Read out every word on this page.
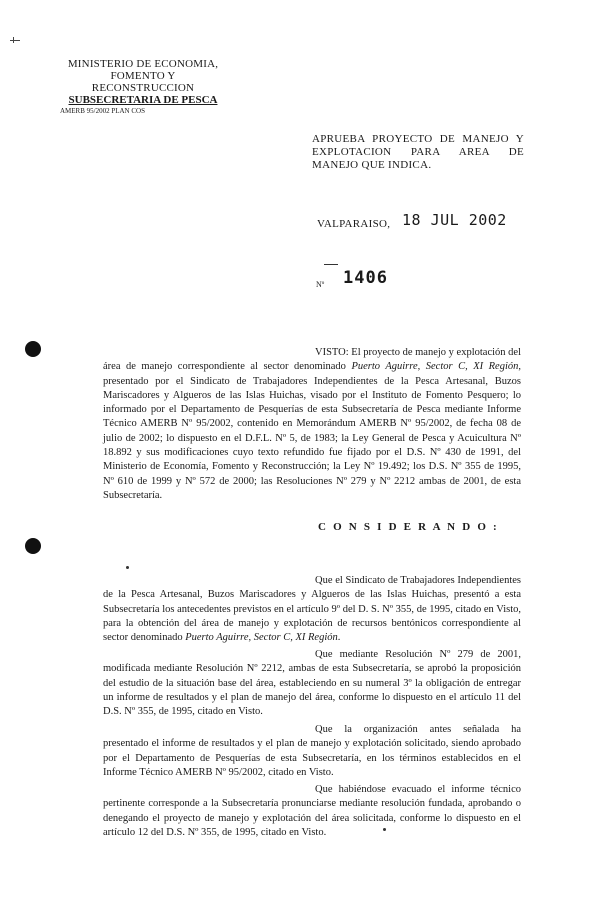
MINISTERIO DE ECONOMIA,
FOMENTO Y RECONSTRUCCION
SUBSECRETARIA DE PESCA
AMERB 95/2002 PLAN COS
APRUEBA PROYECTO DE MANEJO Y EXPLOTACION PARA AREA DE MANEJO QUE INDICA.
VALPARAISO, 18 JUL 2002
Nº 1406
VISTO: El proyecto de manejo y explotación del área de manejo correspondiente al sector denominado Puerto Aguirre, Sector C, XI Región, presentado por el Sindicato de Trabajadores Independientes de la Pesca Artesanal, Buzos Mariscadores y Algueros de las Islas Huichas, visado por el Instituto de Fomento Pesquero; lo informado por el Departamento de Pesquerías de esta Subsecretaría de Pesca mediante Informe Técnico AMERB Nº 95/2002, contenido en Memorándum AMERB Nº 95/2002, de fecha 08 de julio de 2002; lo dispuesto en el D.F.L. Nº 5, de 1983; la Ley General de Pesca y Acuicultura Nº 18.892 y sus modificaciones cuyo texto refundido fue fijado por el D.S. Nº 430 de 1991, del Ministerio de Economía, Fomento y Reconstrucción; la Ley Nº 19.492; los D.S. Nº 355 de 1995, Nº 610 de 1999 y Nº 572 de 2000; las Resoluciones Nº 279 y Nº 2212 ambas de 2001, de esta Subsecretaría.
C O N S I D E R A N D O :
Que el Sindicato de Trabajadores Independientes de la Pesca Artesanal, Buzos Mariscadores y Algueros de las Islas Huichas, presentó a esta Subsecretaría los antecedentes previstos en el artículo 9º del D. S. Nº 355, de 1995, citado en Visto, para la obtención del área de manejo y explotación de recursos bentónicos correspondiente al sector denominado Puerto Aguirre, Sector C, XI Región.
Que mediante Resolución Nº 279 de 2001, modificada mediante Resolución Nº 2212, ambas de esta Subsecretaría, se aprobó la proposición del estudio de la situación base del área, estableciendo en su numeral 3º la obligación de entregar un informe de resultados y el plan de manejo del área, conforme lo dispuesto en el artículo 11 del D.S. Nº 355, de 1995, citado en Visto.
Que la organización antes señalada ha presentado el informe de resultados y el plan de manejo y explotación solicitado, siendo aprobado por el Departamento de Pesquerías de esta Subsecretaría, en los términos establecidos en el Informe Técnico AMERB Nº 95/2002, citado en Visto.
Que habiéndose evacuado el informe técnico pertinente corresponde a la Subsecretaría pronunciarse mediante resolución fundada, aprobando o denegando el proyecto de manejo y explotación del área solicitada, conforme lo dispuesto en el artículo 12 del D.S. Nº 355, de 1995, citado en Visto.
